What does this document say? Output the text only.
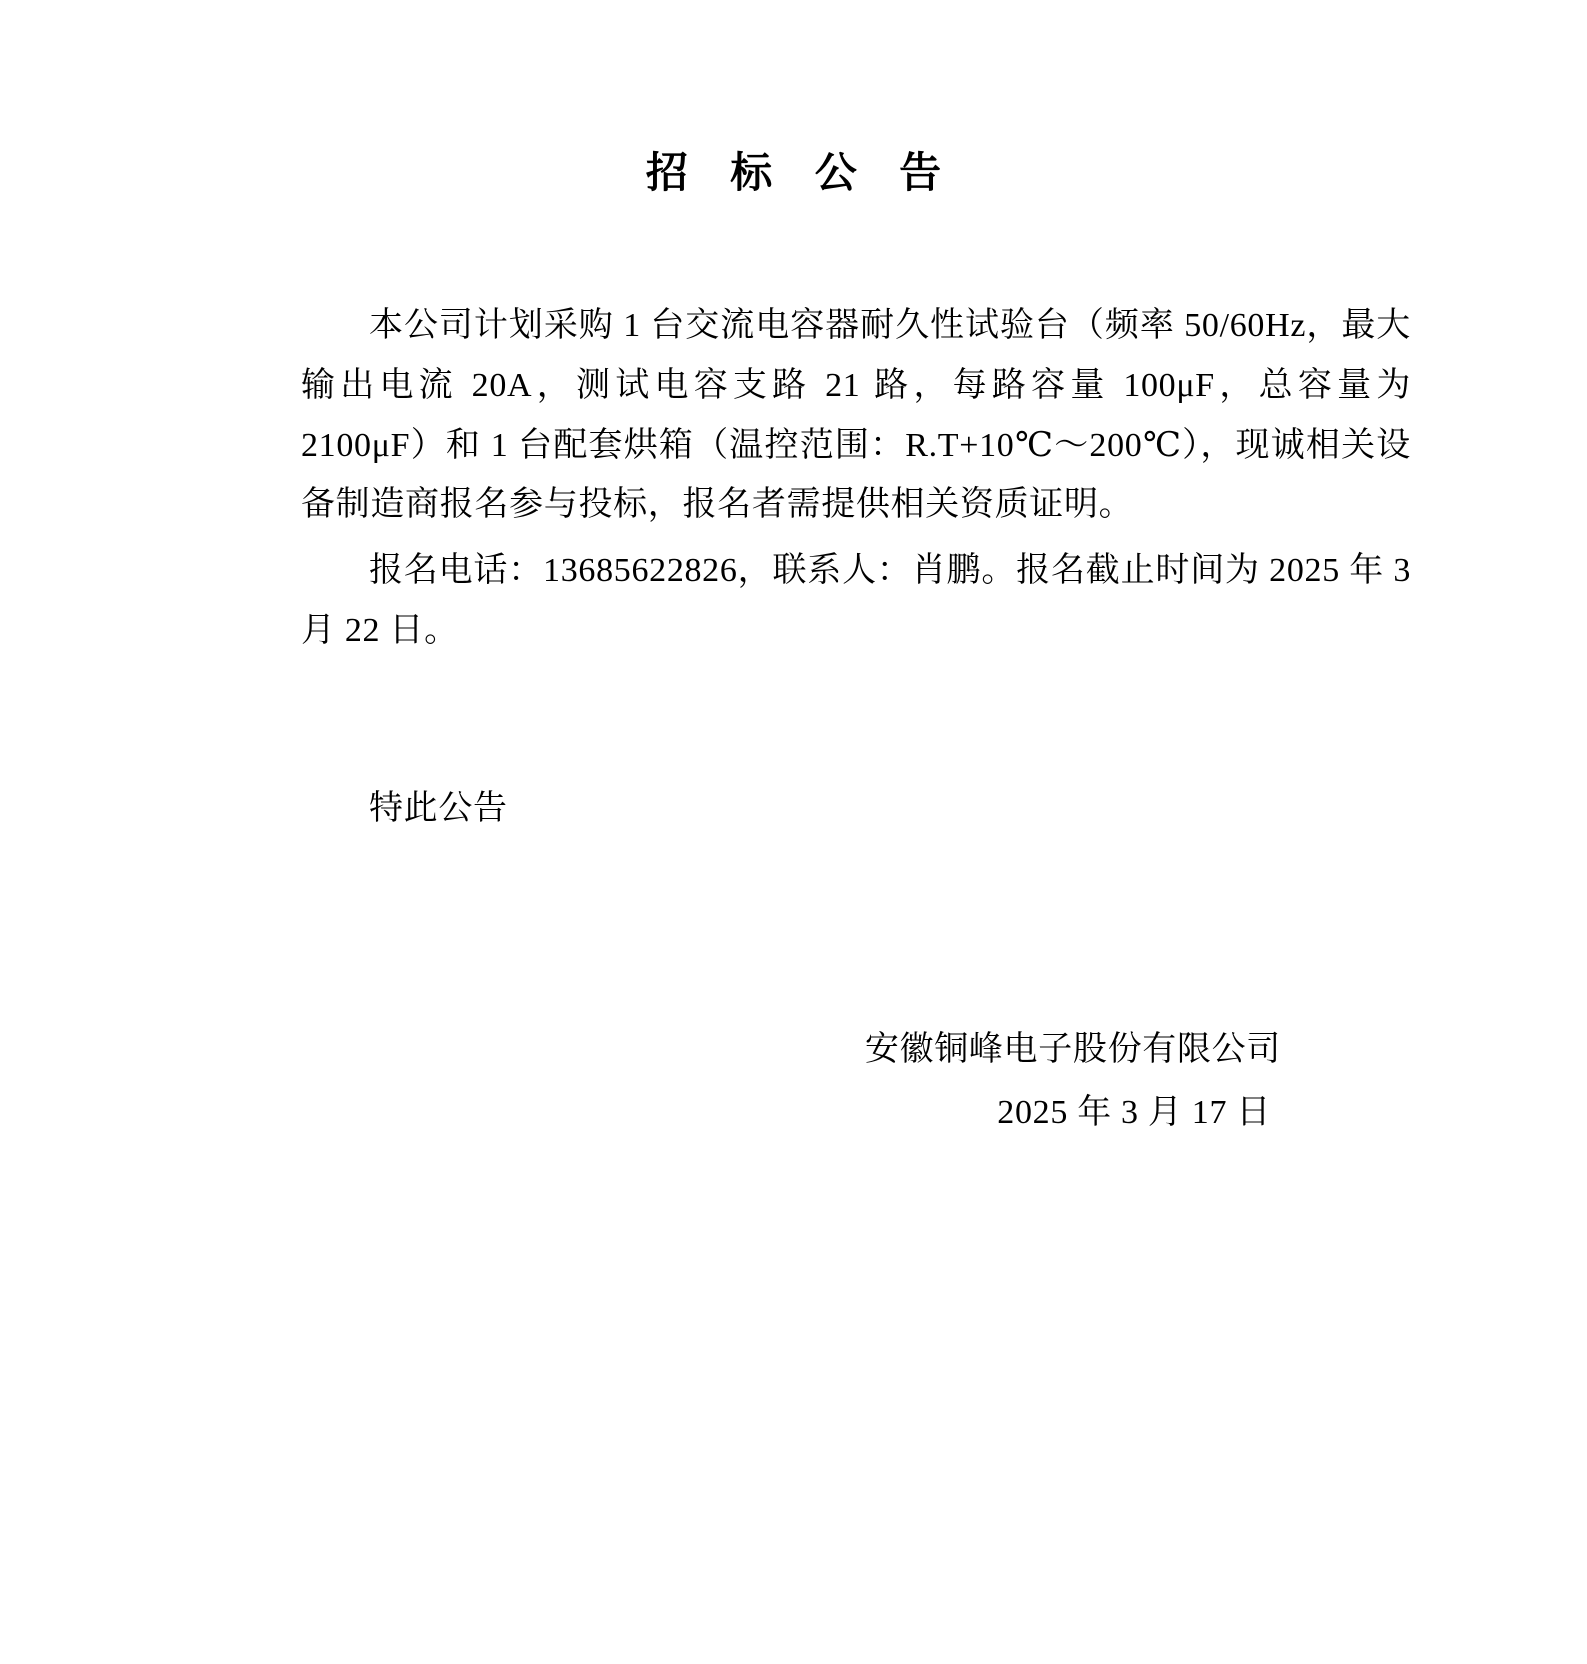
招 标 公 告

本公司计划采购 1 台交流电容器耐久性试验台（频率 50/60Hz，最大输出电流 20A，测试电容支路 21 路，每路容量 100μF，总容量为 2100μF）和 1 台配套烘箱（温控范围：R.T+10℃～200℃），现诚相关设备制造商报名参与投标，报名者需提供相关资质证明。

报名电话：13685622826，联系人：肖鹏。报名截止时间为 2025 年 3 月 22 日。

特此公告

安徽铜峰电子股份有限公司
2025 年 3 月 17 日
